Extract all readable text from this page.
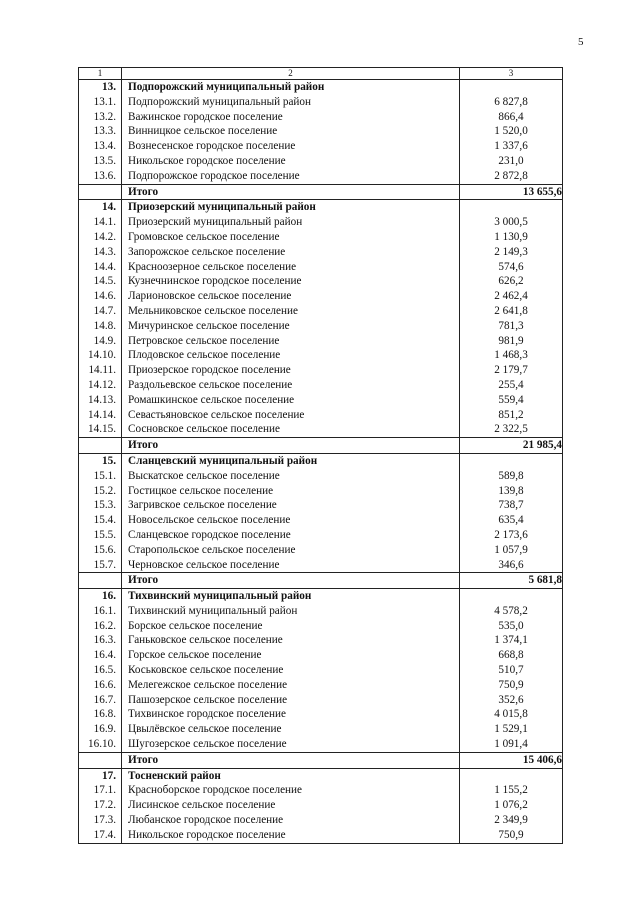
5
1	2	3
13.	Подпорожский муниципальный район	
13.1.	Подпорожский муниципальный район	6 827,8
13.2.	Важинское городское поселение	866,4
13.3.	Винницкое сельское поселение	1 520,0
13.4.	Вознесенское городское поселение	1 337,6
13.5.	Никольское городское поселение	231,0
13.6.	Подпорожское городское поселение	2 872,8
	Итого	13 655,6
14.	Приозерский муниципальный район	
14.1.	Приозерский муниципальный район	3 000,5
14.2.	Громовское сельское поселение	1 130,9
14.3.	Запорожское сельское поселение	2 149,3
14.4.	Красноозерное сельское поселение	574,6
14.5.	Кузнечнинское городское поселение	626,2
14.6.	Ларионовское сельское поселение	2 462,4
14.7.	Мельниковское сельское поселение	2 641,8
14.8.	Мичуринское сельское поселение	781,3
14.9.	Петровское сельское поселение	981,9
14.10.	Плодовское сельское поселение	1 468,3
14.11.	Приозерское городское поселение	2 179,7
14.12.	Раздольевское сельское поселение	255,4
14.13.	Ромашкинское сельское поселение	559,4
14.14.	Севастьяновское сельское поселение	851,2
14.15.	Сосновское сельское поселение	2 322,5
	Итого	21 985,4
15.	Сланцевский муниципальный район	
15.1.	Выскатское сельское поселение	589,8
15.2.	Гостицкое сельское поселение	139,8
15.3.	Загривское сельское поселение	738,7
15.4.	Новосельское сельское поселение	635,4
15.5.	Сланцевское городское поселение	2 173,6
15.6.	Старопольское сельское поселение	1 057,9
15.7.	Черновское сельское поселение	346,6
	Итого	5 681,8
16.	Тихвинский муниципальный район	
16.1.	Тихвинский муниципальный район	4 578,2
16.2.	Борское сельское поселение	535,0
16.3.	Ганьковское сельское поселение	1 374,1
16.4.	Горское сельское поселение	668,8
16.5.	Коськовское сельское поселение	510,7
16.6.	Мелегежское сельское поселение	750,9
16.7.	Пашозерское сельское поселение	352,6
16.8.	Тихвинское городское поселение	4 015,8
16.9.	Цвылёвское сельское поселение	1 529,1
16.10.	Шугозерское сельское поселение	1 091,4
	Итого	15 406,6
17.	Тосненский район	
17.1.	Красноборское городское поселение	1 155,2
17.2.	Лисинское сельское поселение	1 076,2
17.3.	Любанское городское поселение	2 349,9
17.4.	Никольское городское поселение	750,9
